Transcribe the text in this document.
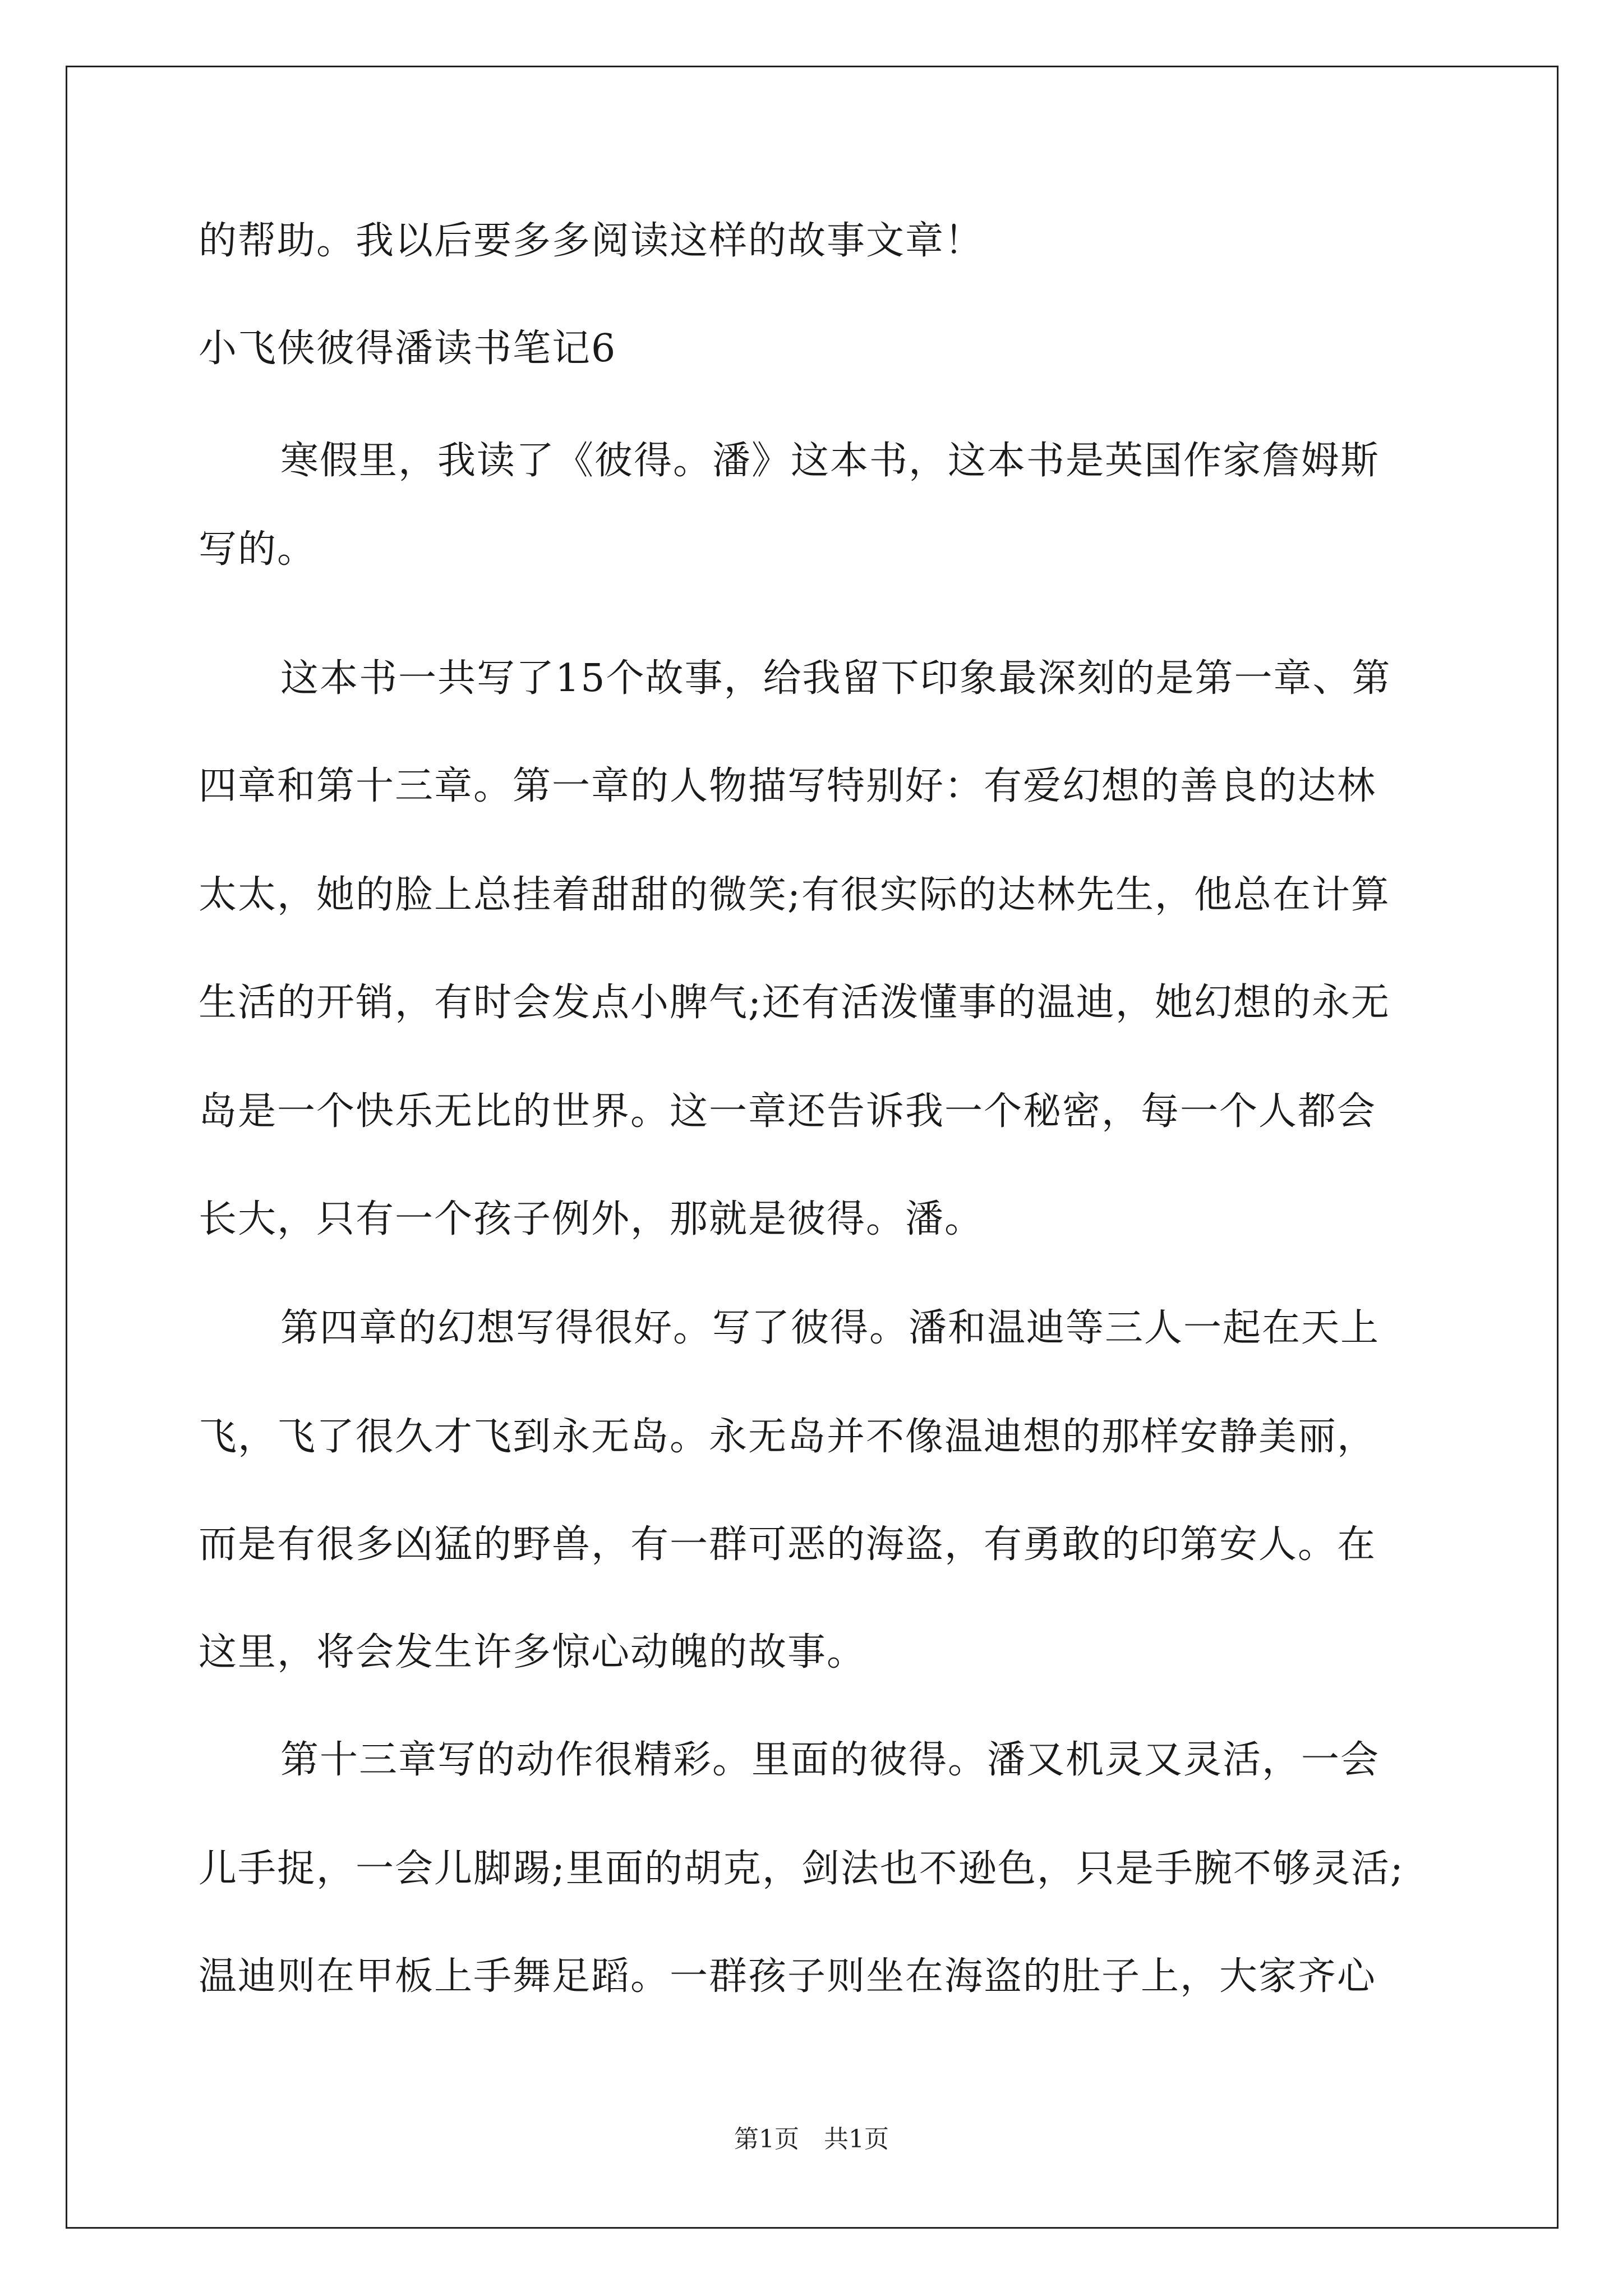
的帮助。我以后要多多阅读这样的故事文章！
小飞侠彼得潘读书笔记6
寒假里，我读了《彼得。潘》这本书，这本书是英国作家詹姆斯
写的。
这本书一共写了15个故事，给我留下印象最深刻的是第一章、第
四章和第十三章。第一章的人物描写特别好：有爱幻想的善良的达林
太太，她的脸上总挂着甜甜的微笑;有很实际的达林先生，他总在计算
生活的开销，有时会发点小脾气;还有活泼懂事的温迪，她幻想的永无
岛是一个快乐无比的世界。这一章还告诉我一个秘密，每一个人都会
长大，只有一个孩子例外，那就是彼得。潘。
第四章的幻想写得很好。写了彼得。潘和温迪等三人一起在天上
飞，飞了很久才飞到永无岛。永无岛并不像温迪想的那样安静美丽，
而是有很多凶猛的野兽，有一群可恶的海盗，有勇敢的印第安人。在
这里，将会发生许多惊心动魄的故事。
第十三章写的动作很精彩。里面的彼得。潘又机灵又灵活，一会
儿手捉，一会儿脚踢;里面的胡克，剑法也不逊色，只是手腕不够灵活;
温迪则在甲板上手舞足蹈。一群孩子则坐在海盗的肚子上，大家齐心
第1页　共1页
